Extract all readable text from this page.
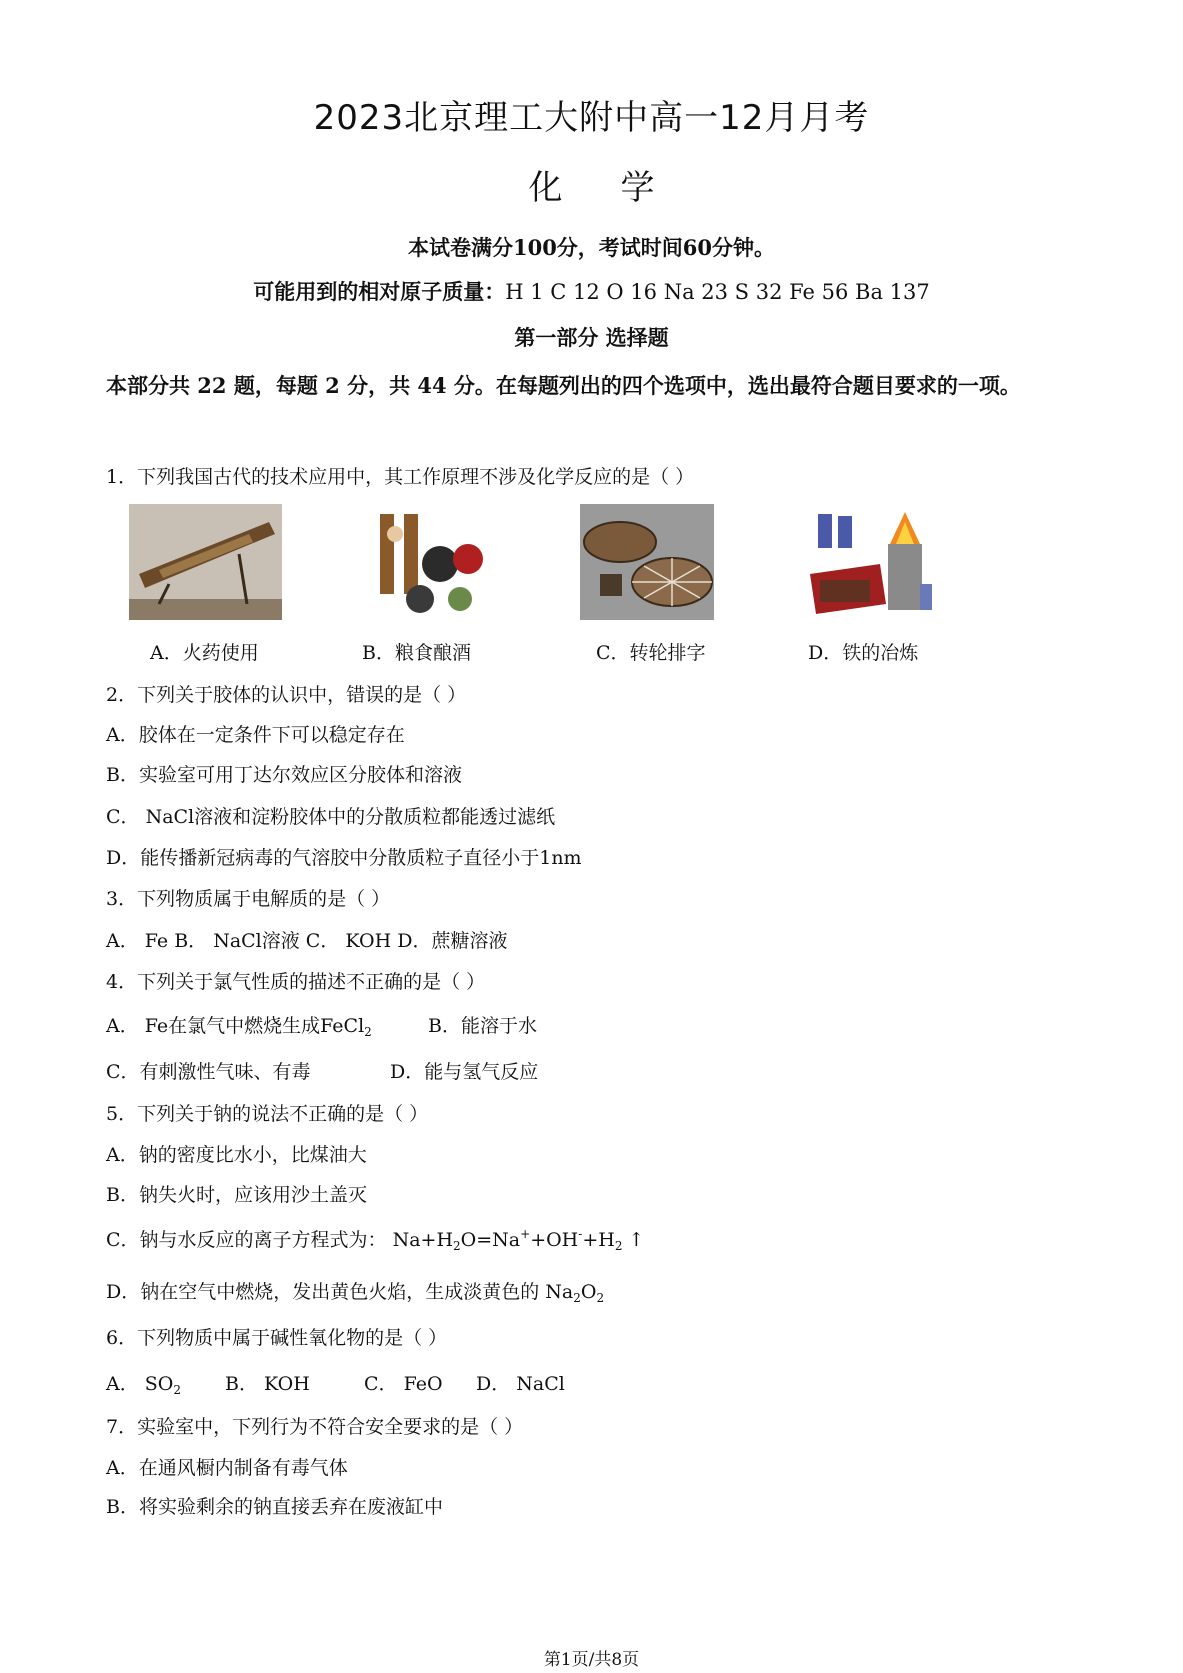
2023北京理工大附中高一12月月考
化学
本试卷满分100分，考试时间60分钟。
可能用到的相对原子质量：H 1 C 12 O 16 Na 23 S 32 Fe 56 Ba 137
第一部分 选择题
本部分共 22 题，每题 2 分，共 44 分。在每题列出的四个选项中，选出最符合题目要求的一项。
1．下列我国古代的技术应用中，其工作原理不涉及化学反应的是（ ）
A．火药使用	B．粮食酿酒	C．转轮排字	D．铁的冶炼
2．下列关于胶体的认识中，错误的是（ ）
A．胶体在一定条件下可以稳定存在
B．实验室可用丁达尔效应区分胶体和溶液
C． NaCl溶液和淀粉胶体中的分散质粒都能透过滤纸
D．能传播新冠病毒的气溶胶中分散质粒子直径小于1nm
3．下列物质属于电解质的是（ ）
A． Fe B． NaCl溶液 C． KOH D．蔗糖溶液
4．下列关于氯气性质的描述不正确的是（ ）
A． Fe在氯气中燃烧生成FeCl$_2$	B．能溶于水
C．有刺激性气味、有毒	D．能与氢气反应
5．下列关于钠的说法不正确的是（ ）
A．钠的密度比水小，比煤油大
B．钠失火时，应该用沙土盖灭
C．钠与水反应的离子方程式为： $Na+H_2O=Na^++OH^-+H_2$ ↑
D．钠在空气中燃烧，发出黄色火焰，生成淡黄色的 $Na_2O_2$
6．下列物质中属于碱性氧化物的是（ ）
A． $SO_2$ B． KOH	C． FeO D． NaCl
7．实验室中，下列行为不符合安全要求的是（ ）
A．在通风橱内制备有毒气体
B．将实验剩余的钠直接丢弃在废液缸中
第1页/共8页
